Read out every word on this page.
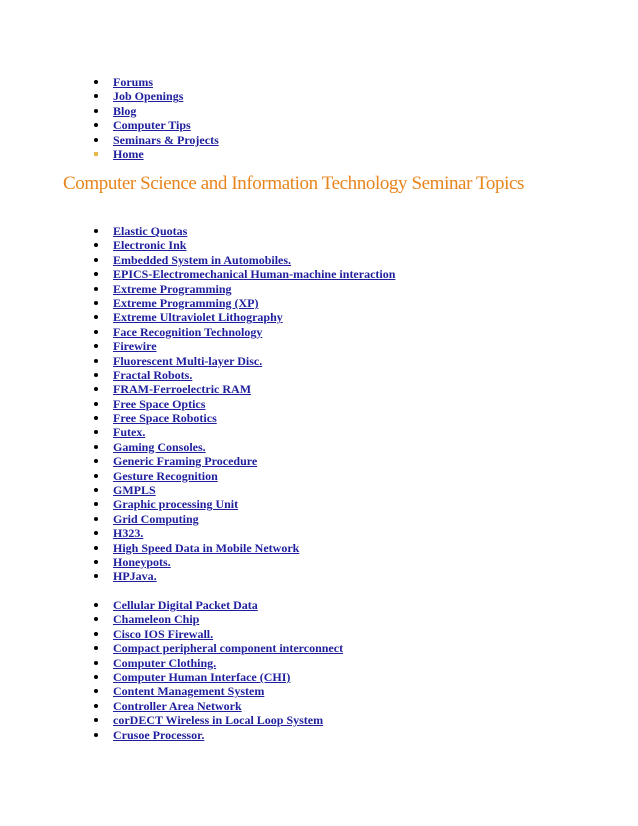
Forums
Job Openings
Blog
Computer Tips
Seminars & Projects
Home
Computer Science and Information Technology Seminar Topics
Elastic Quotas
Electronic Ink
Embedded System in Automobiles.
EPICS-Electromechanical Human-machine interaction
Extreme Programming
Extreme Programming (XP)
Extreme Ultraviolet Lithography
Face Recognition Technology
Firewire
Fluorescent Multi-layer Disc.
Fractal Robots.
FRAM-Ferroelectric RAM
Free Space Optics
Free Space Robotics
Futex.
Gaming Consoles.
Generic Framing Procedure
Gesture Recognition
GMPLS
Graphic processing Unit
Grid Computing
H323.
High Speed Data in Mobile Network
Honeypots.
HPJava.
Cellular Digital Packet Data
Chameleon Chip
Cisco IOS Firewall.
Compact peripheral component interconnect
Computer Clothing.
Computer Human Interface (CHI)
Content Management System
Controller Area Network
corDECT Wireless in Local Loop System
Crusoe Processor.
